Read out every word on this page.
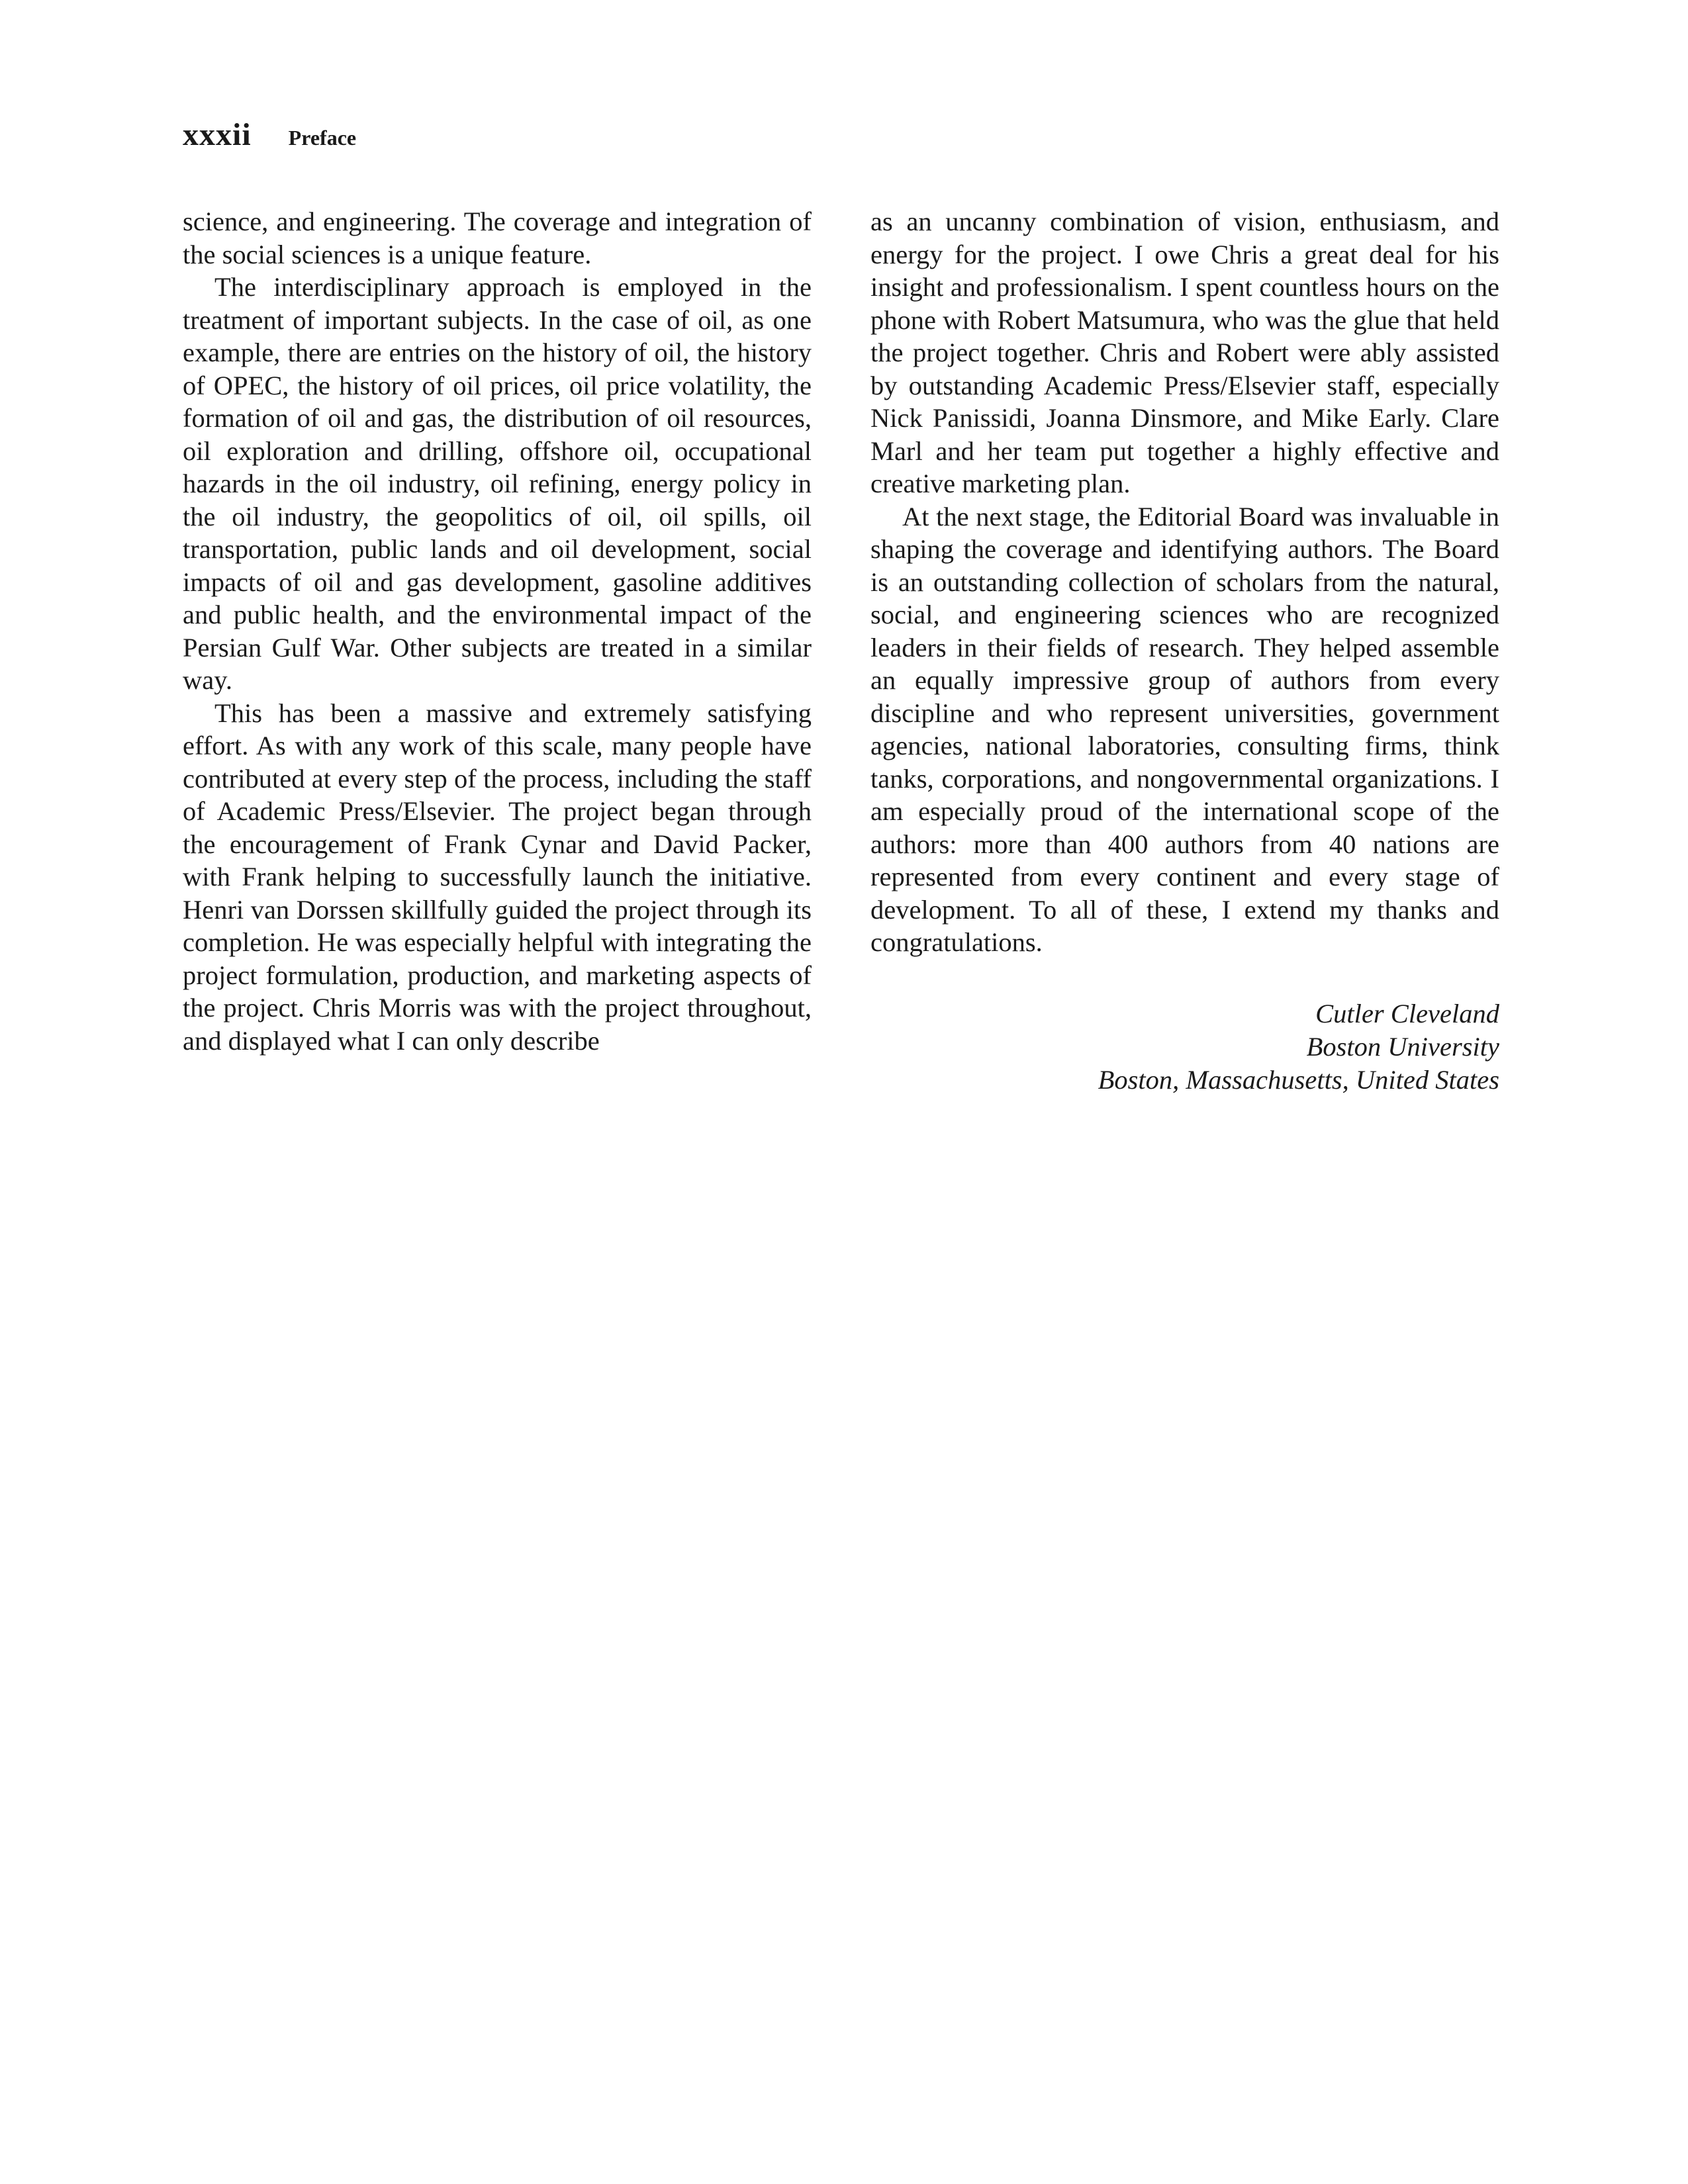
xxxii Preface

science, and engineering. The coverage and integration of the social sciences is a unique feature.

The interdisciplinary approach is employed in the treatment of important subjects. In the case of oil, as one example, there are entries on the history of oil, the history of OPEC, the history of oil prices, oil price volatility, the formation of oil and gas, the distribution of oil resources, oil exploration and drilling, offshore oil, occupational hazards in the oil industry, oil refining, energy policy in the oil industry, the geopolitics of oil, oil spills, oil transportation, public lands and oil development, social impacts of oil and gas development, gasoline additives and public health, and the environmental impact of the Persian Gulf War. Other subjects are treated in a similar way.

This has been a massive and extremely satisfying effort. As with any work of this scale, many people have contributed at every step of the process, including the staff of Academic Press/Elsevier. The project began through the encouragement of Frank Cynar and David Packer, with Frank helping to successfully launch the initiative. Henri van Dorssen skillfully guided the project through its completion. He was especially helpful with integrating the project formulation, production, and marketing aspects of the project. Chris Morris was with the project throughout, and displayed what I can only describe

as an uncanny combination of vision, enthusiasm, and energy for the project. I owe Chris a great deal for his insight and professionalism. I spent countless hours on the phone with Robert Matsumura, who was the glue that held the project together. Chris and Robert were ably assisted by outstanding Academic Press/Elsevier staff, especially Nick Panissidi, Joanna Dinsmore, and Mike Early. Clare Marl and her team put together a highly effective and creative marketing plan.

At the next stage, the Editorial Board was invaluable in shaping the coverage and identifying authors. The Board is an outstanding collection of scholars from the natural, social, and engineering sciences who are recognized leaders in their fields of research. They helped assemble an equally impressive group of authors from every discipline and who represent universities, government agencies, national laboratories, consulting firms, think tanks, corporations, and nongovernmental organizations. I am especially proud of the international scope of the authors: more than 400 authors from 40 nations are represented from every continent and every stage of development. To all of these, I extend my thanks and congratulations.

Cutler Cleveland
Boston University
Boston, Massachusetts, United States
